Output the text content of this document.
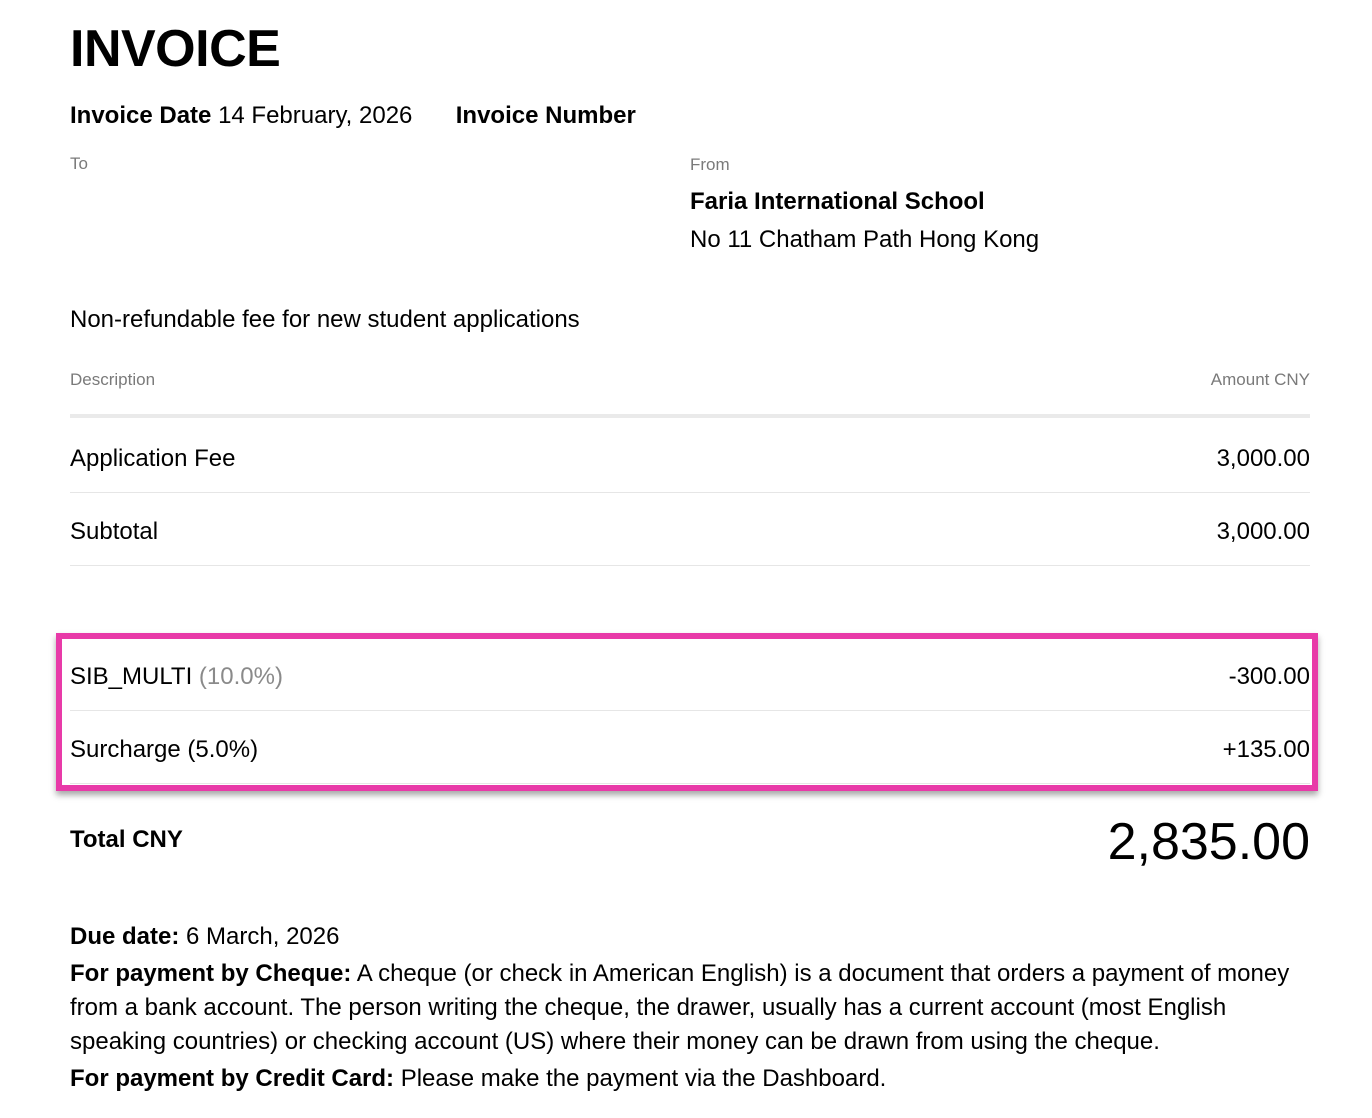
INVOICE
Invoice Date 14 February, 2026 Invoice Number
To	From
Faria International School
No 11 Chatham Path Hong Kong
Non-refundable fee for new student applications
Description	Amount CNY
Application Fee	3,000.00
Subtotal	3,000.00
SIB_MULTI (10.0%)	-300.00
Surcharge (5.0%)	+135.00
Total CNY	2,835.00

Due date: 6 March, 2026

For payment by Cheque: A cheque (or check in American English) is a document that orders a payment of money from a bank account. The person writing the cheque, the drawer, usually has a current account (most English speaking countries) or checking account (US) where their money can be drawn from using the cheque.

For payment by Credit Card: Please make the payment via the Dashboard.
